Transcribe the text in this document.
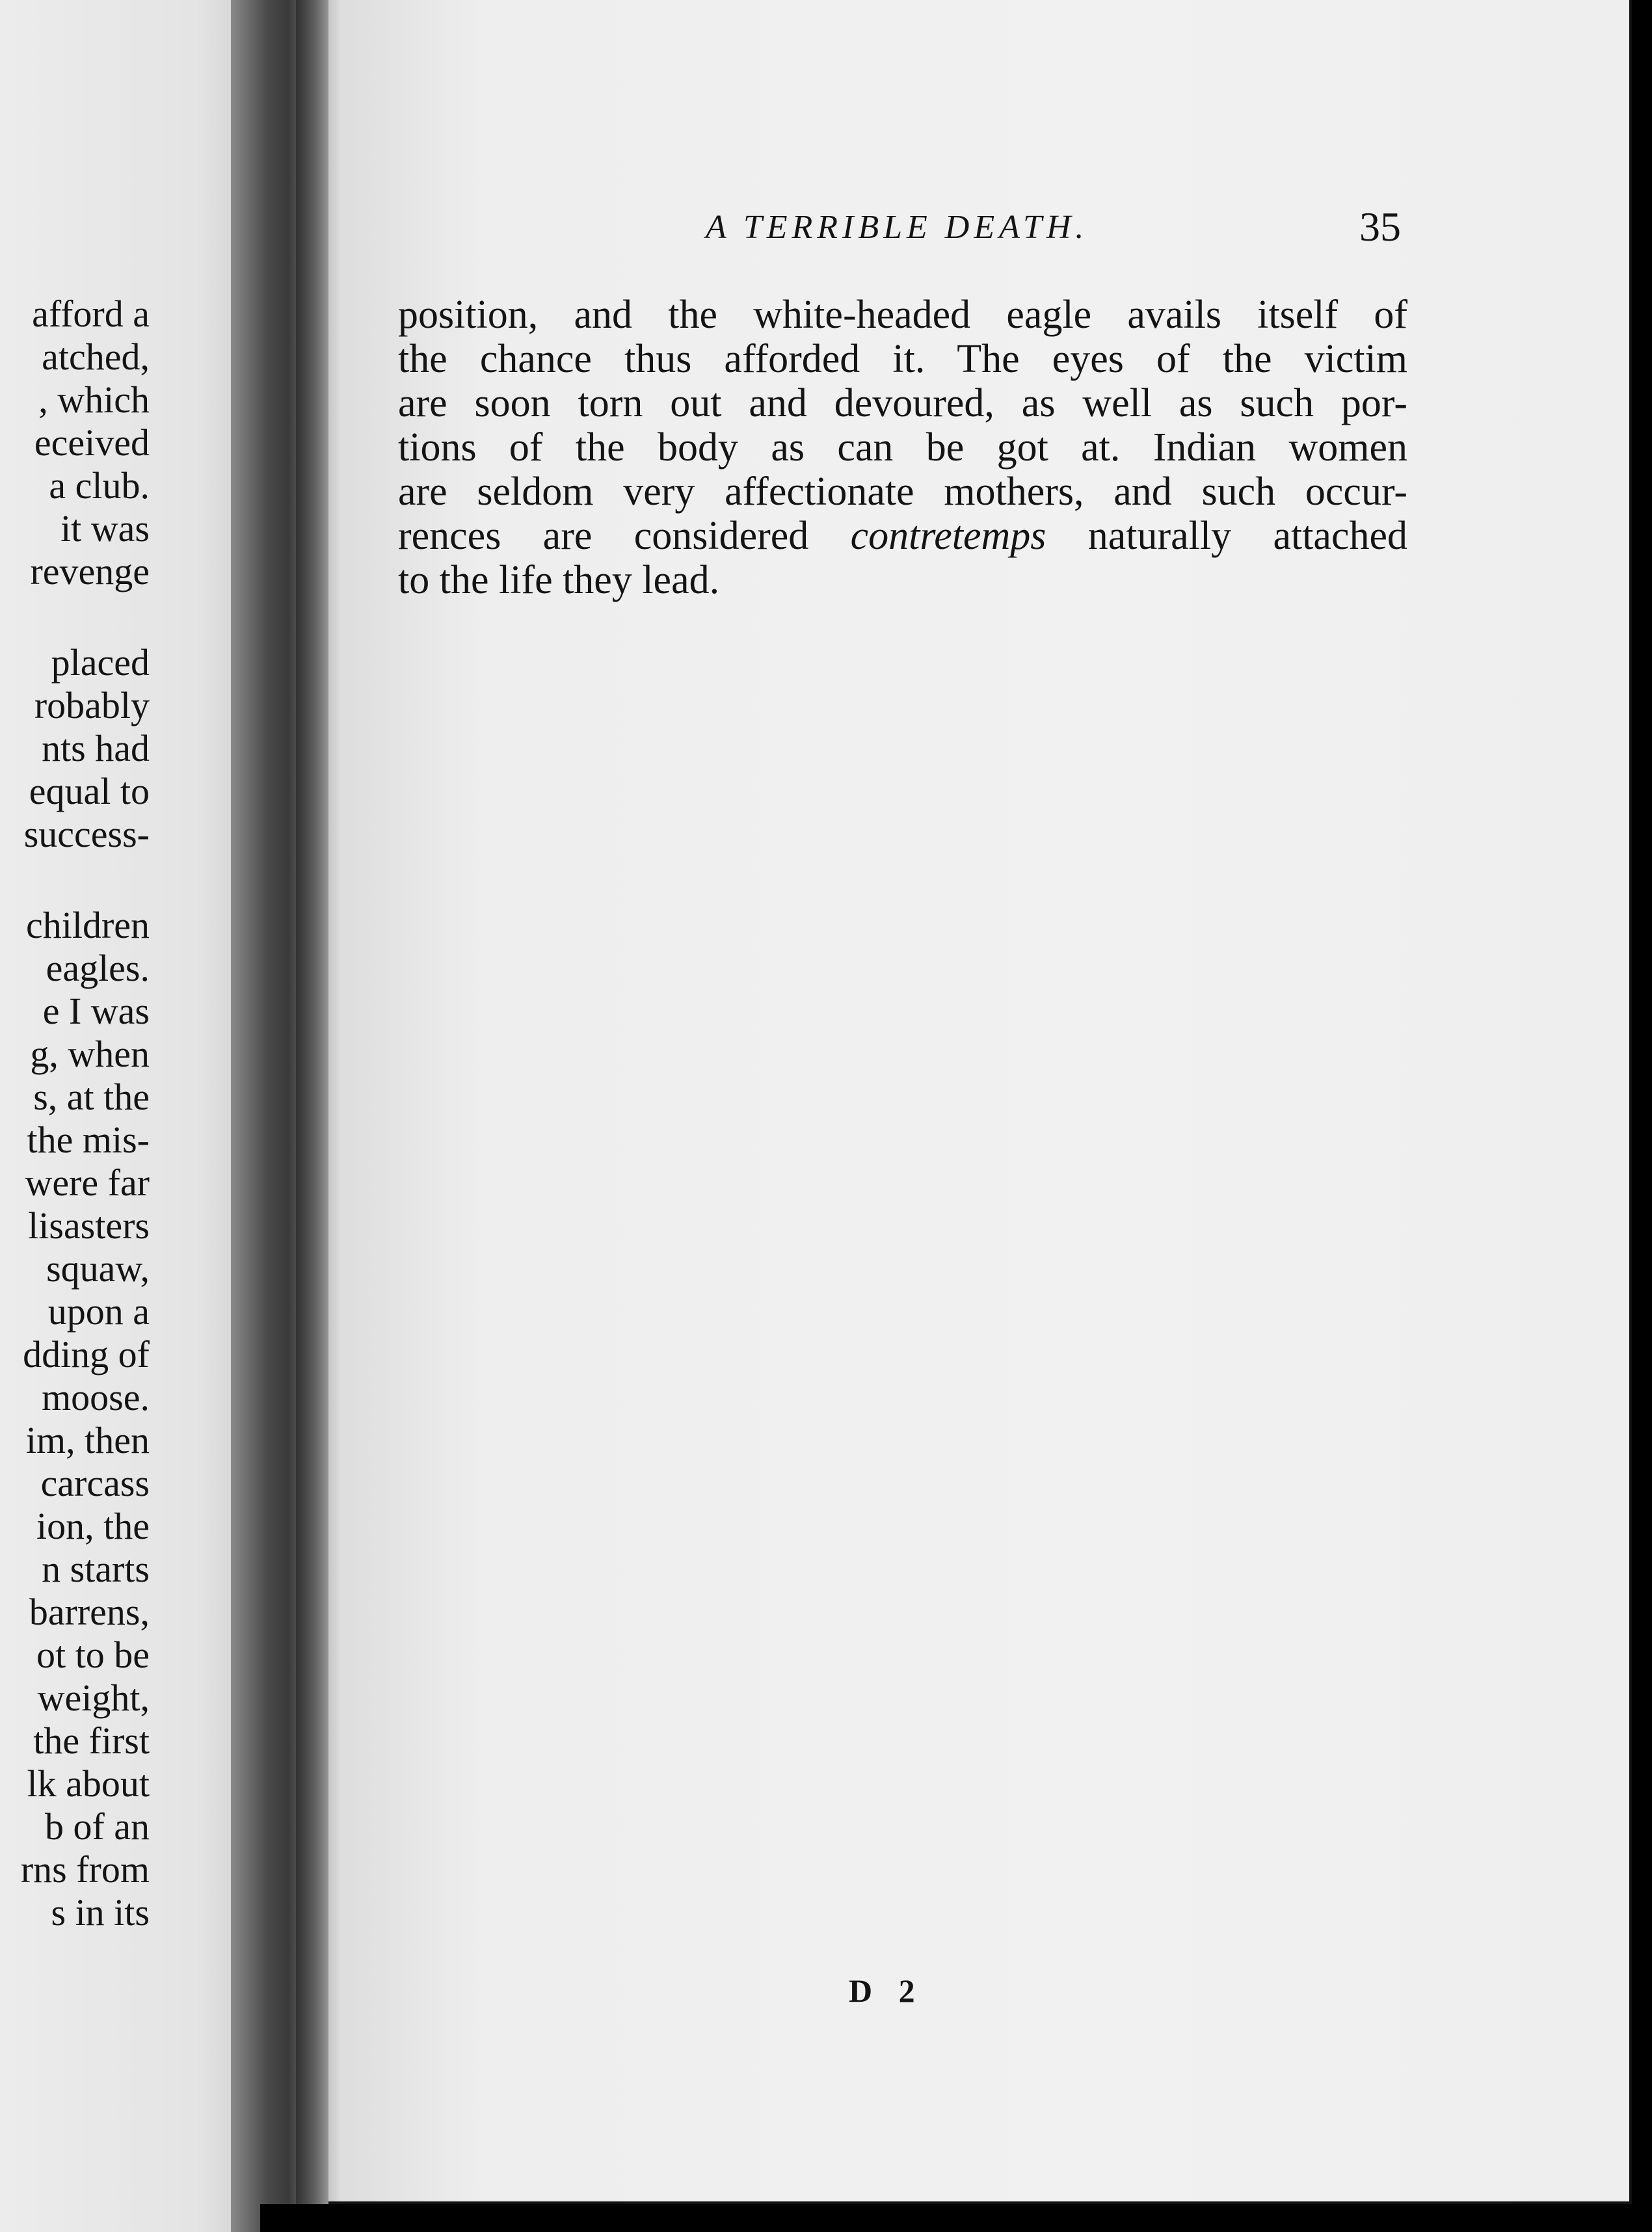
afford a
atched,
, which
eceived
a club.
it was
revenge
placed
robably
nts had
equal to
success-
children
eagles.
e I was
g, when
s, at the
the mis-
were far
lisasters
squaw,
upon a
dding of
moose.
im, then
carcass
ion, the
n starts
barrens,
ot to be
weight,
the first
lk about
b of an
rns from
s in its
A TERRIBLE DEATH.	35
position, and the white-headed eagle avails itself of
the chance thus afforded it. The eyes of the victim
are soon torn out and devoured, as well as such por-
tions of the body as can be got at. Indian women
are seldom very affectionate mothers, and such occur-
rences are considered contretemps naturally attached
to the life they lead.
D 2
